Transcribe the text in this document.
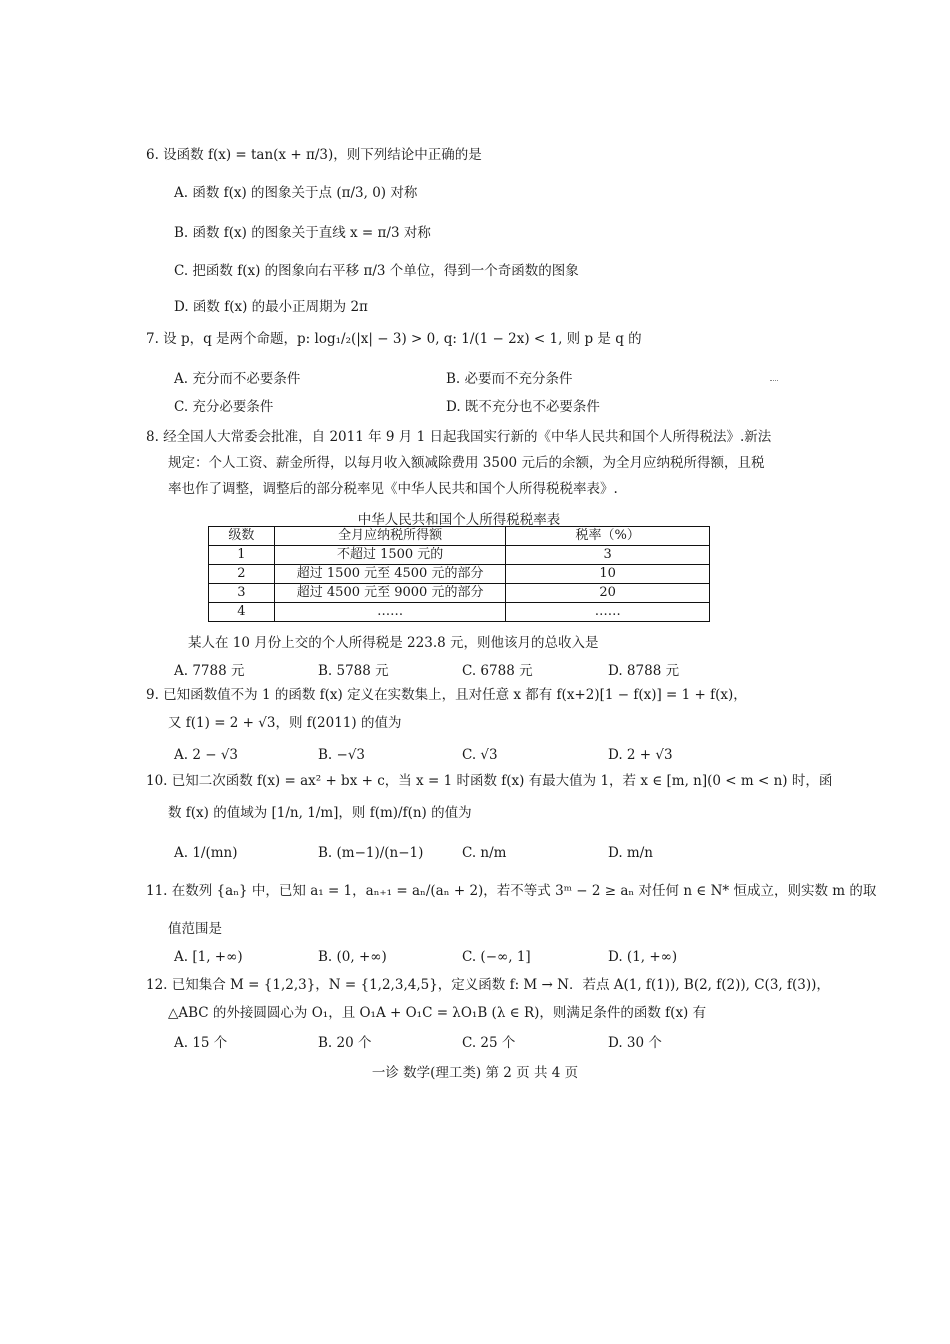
6. 设函数 f(x) = tan(x + π/3)，则下列结论中正确的是
A. 函数 f(x) 的图象关于点 (π/3, 0) 对称
B. 函数 f(x) 的图象关于直线 x = π/3 对称
C. 把函数 f(x) 的图象向右平移 π/3 个单位，得到一个奇函数的图象
D. 函数 f(x) 的最小正周期为 2π
7. 设 p，q 是两个命题，p: log₁/₂(|x| − 3) > 0, q: 1/(1 − 2x) < 1, 则 p 是 q 的
A. 充分而不必要条件	B. 必要而不充分条件
C. 充分必要条件	D. 既不充分也不必要条件
8. 经全国人大常委会批准，自 2011 年 9 月 1 日起我国实行新的《中华人民共和国个人所得税法》.新法
规定：个人工资、薪金所得，以每月收入额减除费用 3500 元后的余额，为全月应纳税所得额，且税
率也作了调整，调整后的部分税率见《中华人民共和国个人所得税税率表》.
中华人民共和国个人所得税税率表
级数	全月应纳税所得额	税率（%）
1	不超过 1500 元的	3
2	超过 1500 元至 4500 元的部分	10
3	超过 4500 元至 9000 元的部分	20
4	……	……
某人在 10 月份上交的个人所得税是 223.8 元，则他该月的总收入是
A. 7788 元	B. 5788 元	C. 6788 元	D. 8788 元
9. 已知函数值不为 1 的函数 f(x) 定义在实数集上，且对任意 x 都有 f(x+2)[1 − f(x)] = 1 + f(x)，
又 f(1) = 2 + √3，则 f(2011) 的值为
A. 2 − √3	B. −√3	C. √3	D. 2 + √3
10. 已知二次函数 f(x) = ax² + bx + c，当 x = 1 时函数 f(x) 有最大值为 1，若 x ∈ [m, n](0 < m < n) 时，函
数 f(x) 的值域为 [1/n, 1/m]，则 f(m)/f(n) 的值为
A. 1/(mn)	B. (m−1)/(n−1)	C. n/m	D. m/n
11. 在数列 {aₙ} 中，已知 a₁ = 1，aₙ₊₁ = aₙ/(aₙ + 2)，若不等式 3ᵐ − 2 ≥ aₙ 对任何 n ∈ N* 恒成立，则实数 m 的取
值范围是
A. [1, +∞)	B. (0, +∞)	C. (−∞, 1]	D. (1, +∞)
12. 已知集合 M = {1,2,3}，N = {1,2,3,4,5}，定义函数 f: M → N．若点 A(1, f(1)), B(2, f(2)), C(3, f(3))，
△ABC 的外接圆圆心为 O₁，且 O₁A + O₁C = λO₁B (λ ∈ R)，则满足条件的函数 f(x) 有
A. 15 个	B. 20 个	C. 25 个	D. 30 个
一诊 数学(理工类) 第 2 页 共 4 页
